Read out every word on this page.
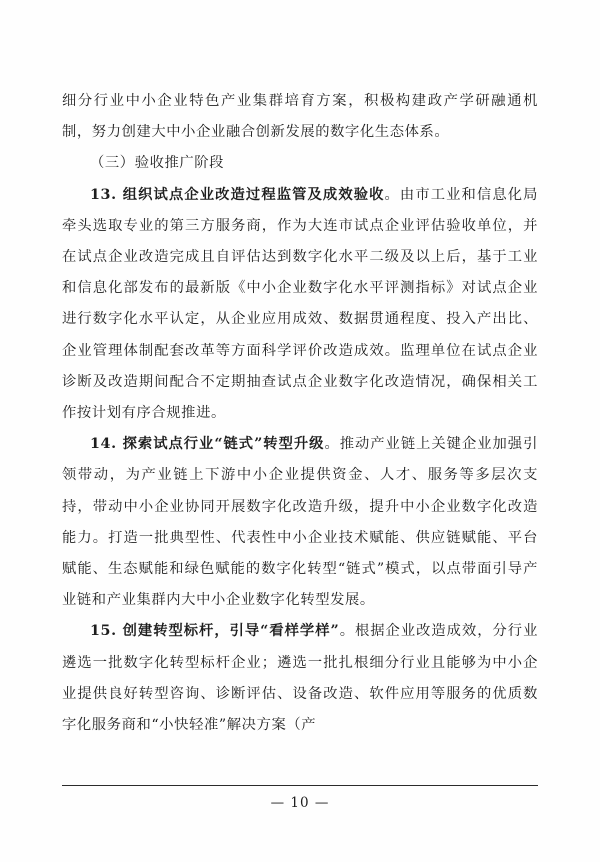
细分行业中小企业特色产业集群培育方案，积极构建政产学研融通机制，努力创建大中小企业融合创新发展的数字化生态体系。

（三）验收推广阶段

13. 组织试点企业改造过程监管及成效验收。由市工业和信息化局牵头选取专业的第三方服务商，作为大连市试点企业评估验收单位，并在试点企业改造完成且自评估达到数字化水平二级及以上后，基于工业和信息化部发布的最新版《中小企业数字化水平评测指标》对试点企业进行数字化水平认定，从企业应用成效、数据贯通程度、投入产出比、企业管理体制配套改革等方面科学评价改造成效。监理单位在试点企业诊断及改造期间配合不定期抽查试点企业数字化改造情况，确保相关工作按计划有序合规推进。

14. 探索试点行业“链式”转型升级。推动产业链上关键企业加强引领带动，为产业链上下游中小企业提供资金、人才、服务等多层次支持，带动中小企业协同开展数字化改造升级，提升中小企业数字化改造能力。打造一批典型性、代表性中小企业技术赋能、供应链赋能、平台赋能、生态赋能和绿色赋能的数字化转型“链式”模式，以点带面引导产业链和产业集群内大中小企业数字化转型发展。

15. 创建转型标杆，引导“看样学样”。根据企业改造成效，分行业遴选一批数字化转型标杆企业；遴选一批扎根细分行业且能够为中小企业提供良好转型咨询、诊断评估、设备改造、软件应用等服务的优质数字化服务商和“小快轻准”解决方案（产

— 10 —
